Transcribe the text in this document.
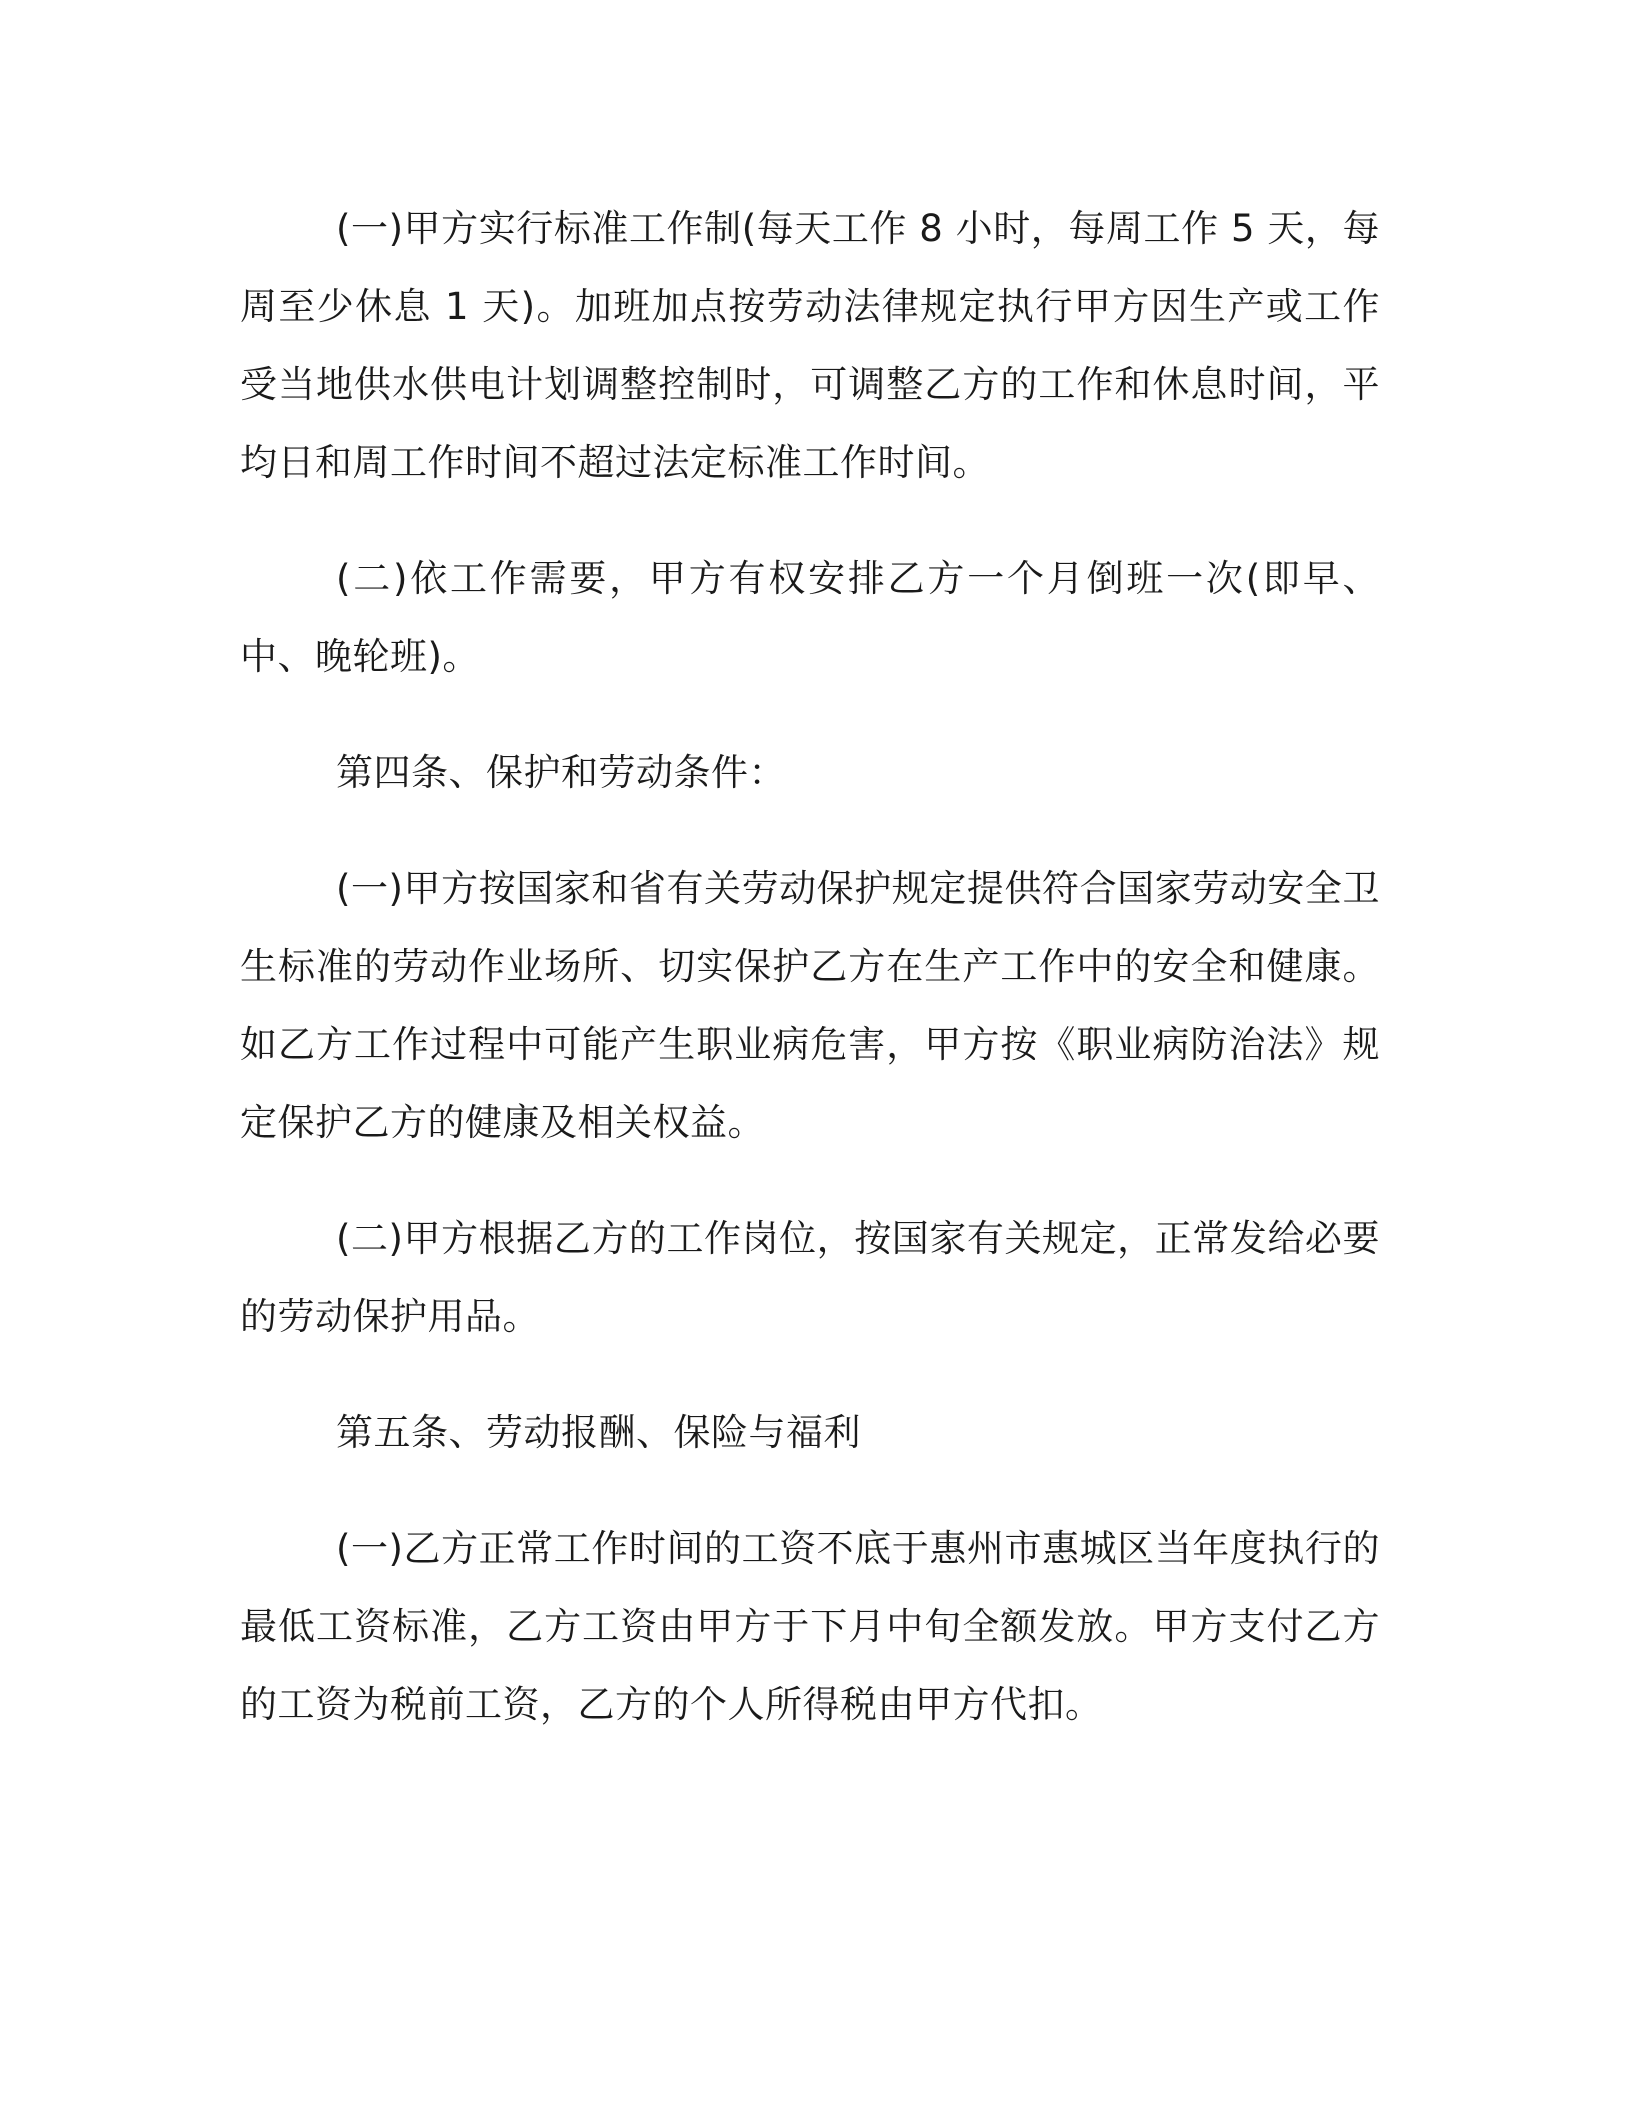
(一)甲方实行标准工作制(每天工作 8 小时，每周工作 5 天，每周至少休息 1 天)。加班加点按劳动法律规定执行甲方因生产或工作受当地供水供电计划调整控制时，可调整乙方的工作和休息时间，平均日和周工作时间不超过法定标准工作时间。

(二)依工作需要，甲方有权安排乙方一个月倒班一次(即早、中、晚轮班)。

第四条、保护和劳动条件：

(一)甲方按国家和省有关劳动保护规定提供符合国家劳动安全卫生标准的劳动作业场所、切实保护乙方在生产工作中的安全和健康。如乙方工作过程中可能产生职业病危害，甲方按《职业病防治法》规定保护乙方的健康及相关权益。

(二)甲方根据乙方的工作岗位，按国家有关规定，正常发给必要的劳动保护用品。

第五条、劳动报酬、保险与福利

(一)乙方正常工作时间的工资不底于惠州市惠城区当年度执行的最低工资标准，乙方工资由甲方于下月中旬全额发放。甲方支付乙方的工资为税前工资，乙方的个人所得税由甲方代扣。
